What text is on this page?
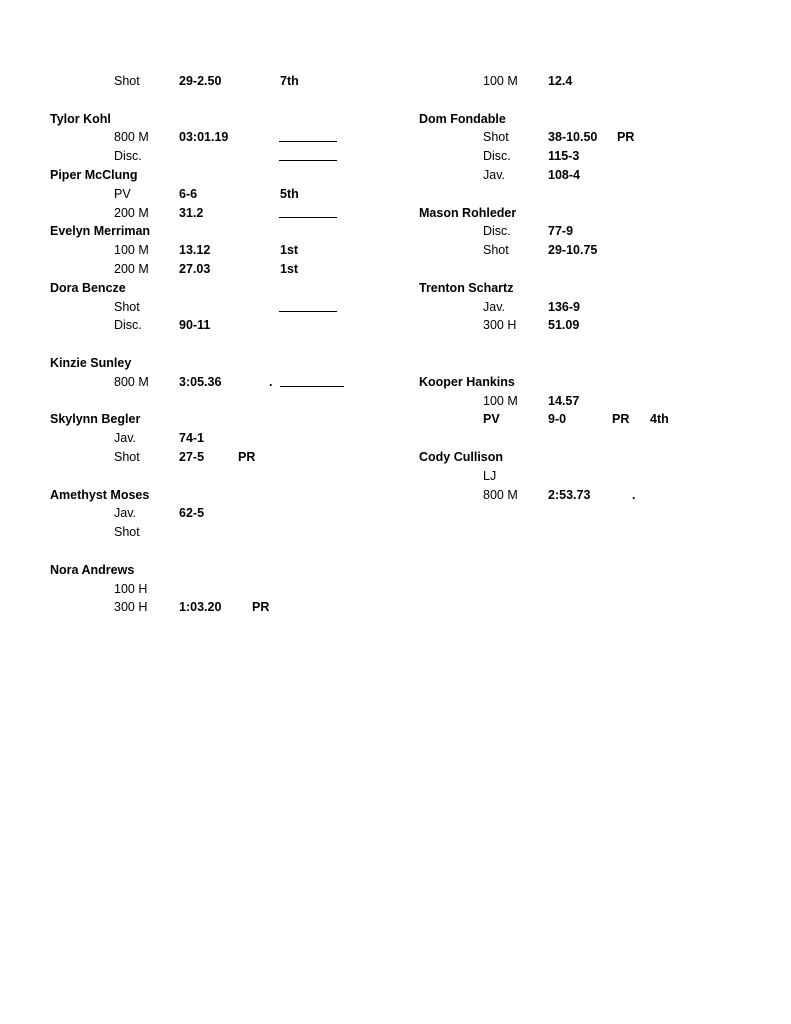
Shot	29-2.50	7th
Tylor Kohl
800 M 03:01.19
Disc.
Piper McClung
PV	6-6	5th
200 M 31.2
Evelyn Merriman
100 M 13.12	1st
200 M 27.03	1st
Dora Bencze
Shot
Disc.	90-11
Kinzie Sunley
800 M 3:05.36	.
Skylynn Begler
Jav.	74-1
Shot	27-5	PR
Amethyst Moses
Jav.	62-5
Shot
Nora Andrews
100 H
300 H	1:03.20 PR
100 M 12.4
Dom Fondable
Shot	38-10.50 PR
Disc.	115-3
Jav.	108-4
Mason Rohleder
Disc.	77-9
Shot	29-10.75
Trenton Schartz
Jav.	136-9
300 H	51.09
Kooper Hankins
100 M 14.57
PV	9-0	PR 4th
Cody Cullison
LJ
800 M 2:53.73	.
